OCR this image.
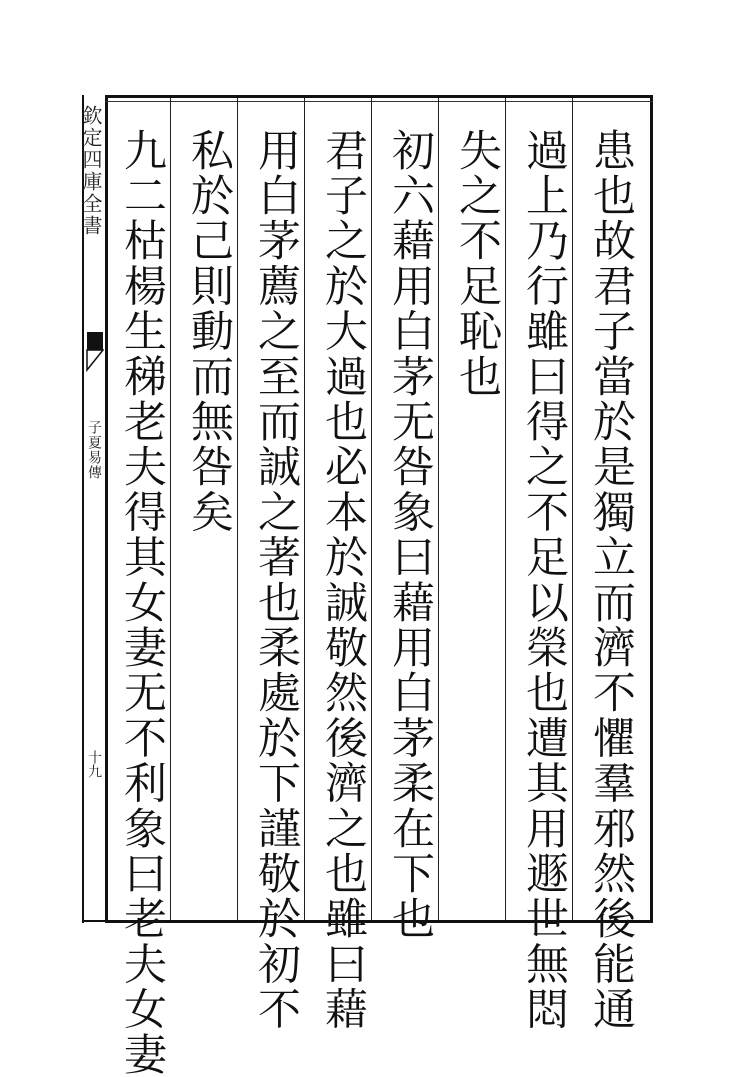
欽定四庫全書
子夏易傳
十九	患也故君子當於是獨立而濟不懼羣邪然後能通
過上乃行雖曰得之不足以榮也遭其用遯世無悶
失之不足恥也
初六藉用白茅无咎象曰藉用白茅柔在下也
君子之於大過也必本於誠敬然後濟之也雖曰藉
用白茅薦之至而誠之著也柔處於下謹敬於初不
私於己則動而無咎矣
九二枯楊生稊老夫得其女妻无不利象曰老夫女妻
